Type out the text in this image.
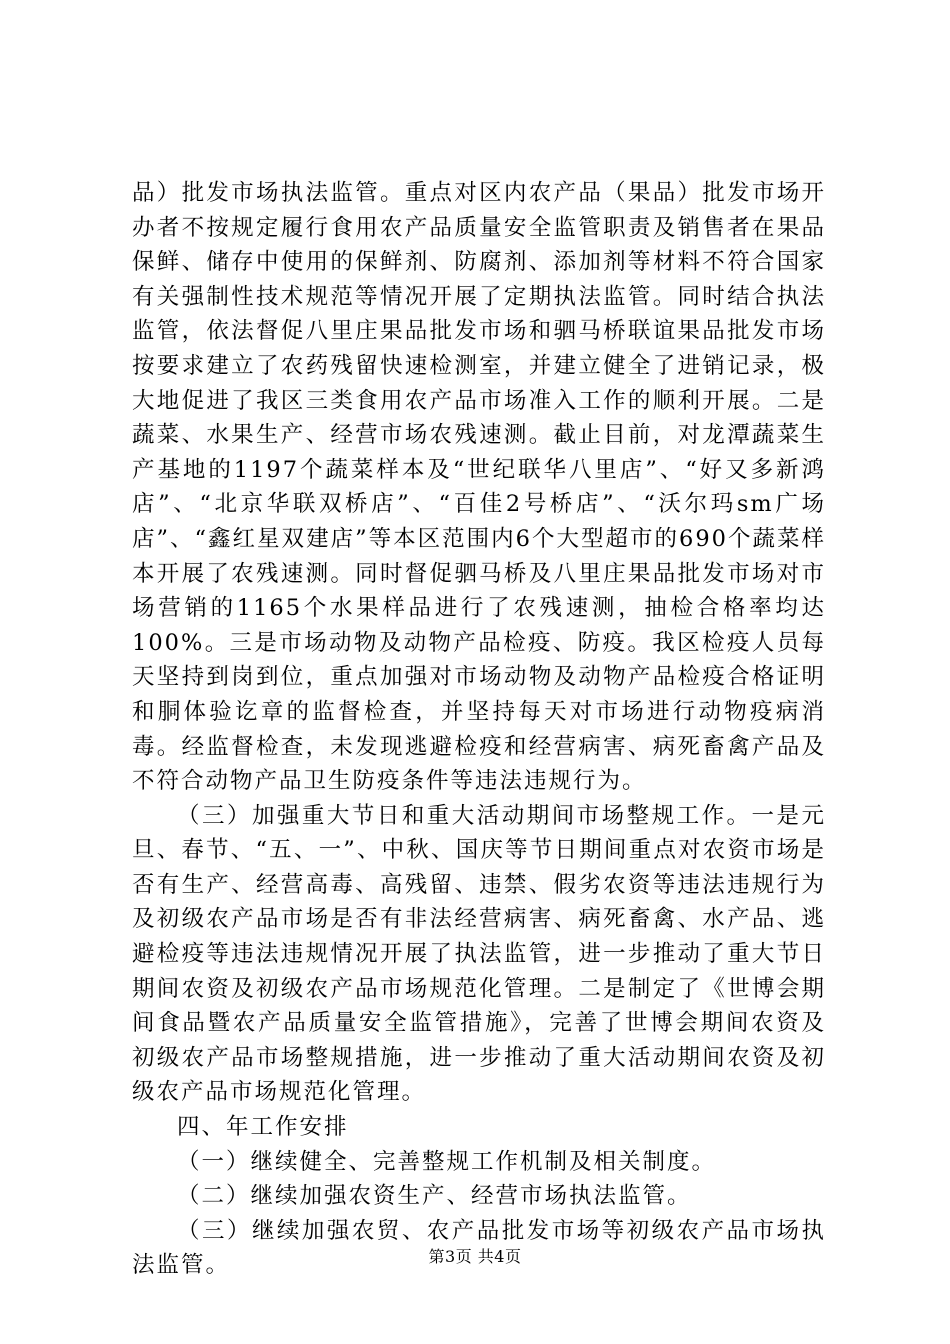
品）批发市场执法监管。重点对区内农产品（果品）批发市场开办者不按规定履行食用农产品质量安全监管职责及销售者在果品保鲜、储存中使用的保鲜剂、防腐剂、添加剂等材料不符合国家有关强制性技术规范等情况开展了定期执法监管。同时结合执法监管，依法督促八里庄果品批发市场和驷马桥联谊果品批发市场按要求建立了农药残留快速检测室，并建立健全了进销记录，极大地促进了我区三类食用农产品市场准入工作的顺利开展。二是蔬菜、水果生产、经营市场农残速测。截止目前，对龙潭蔬菜生产基地的1197个蔬菜样本及“世纪联华八里店”、“好又多新鸿店”、“北京华联双桥店”、“百佳2号桥店”、“沃尔玛sm广场店”、“鑫红星双建店”等本区范围内6个大型超市的690个蔬菜样本开展了农残速测。同时督促驷马桥及八里庄果品批发市场对市场营销的1165个水果样品进行了农残速测，抽检合格率均达100%。三是市场动物及动物产品检疫、防疫。我区检疫人员每天坚持到岗到位，重点加强对市场动物及动物产品检疫合格证明和胴体验讫章的监督检查，并坚持每天对市场进行动物疫病消毒。经监督检查，未发现逃避检疫和经营病害、病死畜禽产品及不符合动物产品卫生防疫条件等违法违规行为。

（三）加强重大节日和重大活动期间市场整规工作。一是元旦、春节、“五、一”、中秋、国庆等节日期间重点对农资市场是否有生产、经营高毒、高残留、违禁、假劣农资等违法违规行为及初级农产品市场是否有非法经营病害、病死畜禽、水产品、逃避检疫等违法违规情况开展了执法监管，进一步推动了重大节日期间农资及初级农产品市场规范化管理。二是制定了《世博会期间食品暨农产品质量安全监管措施》，完善了世博会期间农资及初级农产品市场整规措施，进一步推动了重大活动期间农资及初级农产品市场规范化管理。

四、年工作安排

（一）继续健全、完善整规工作机制及相关制度。

（二）继续加强农资生产、经营市场执法监管。

（三）继续加强农贸、农产品批发市场等初级农产品市场执法监管。	第3页 共4页
